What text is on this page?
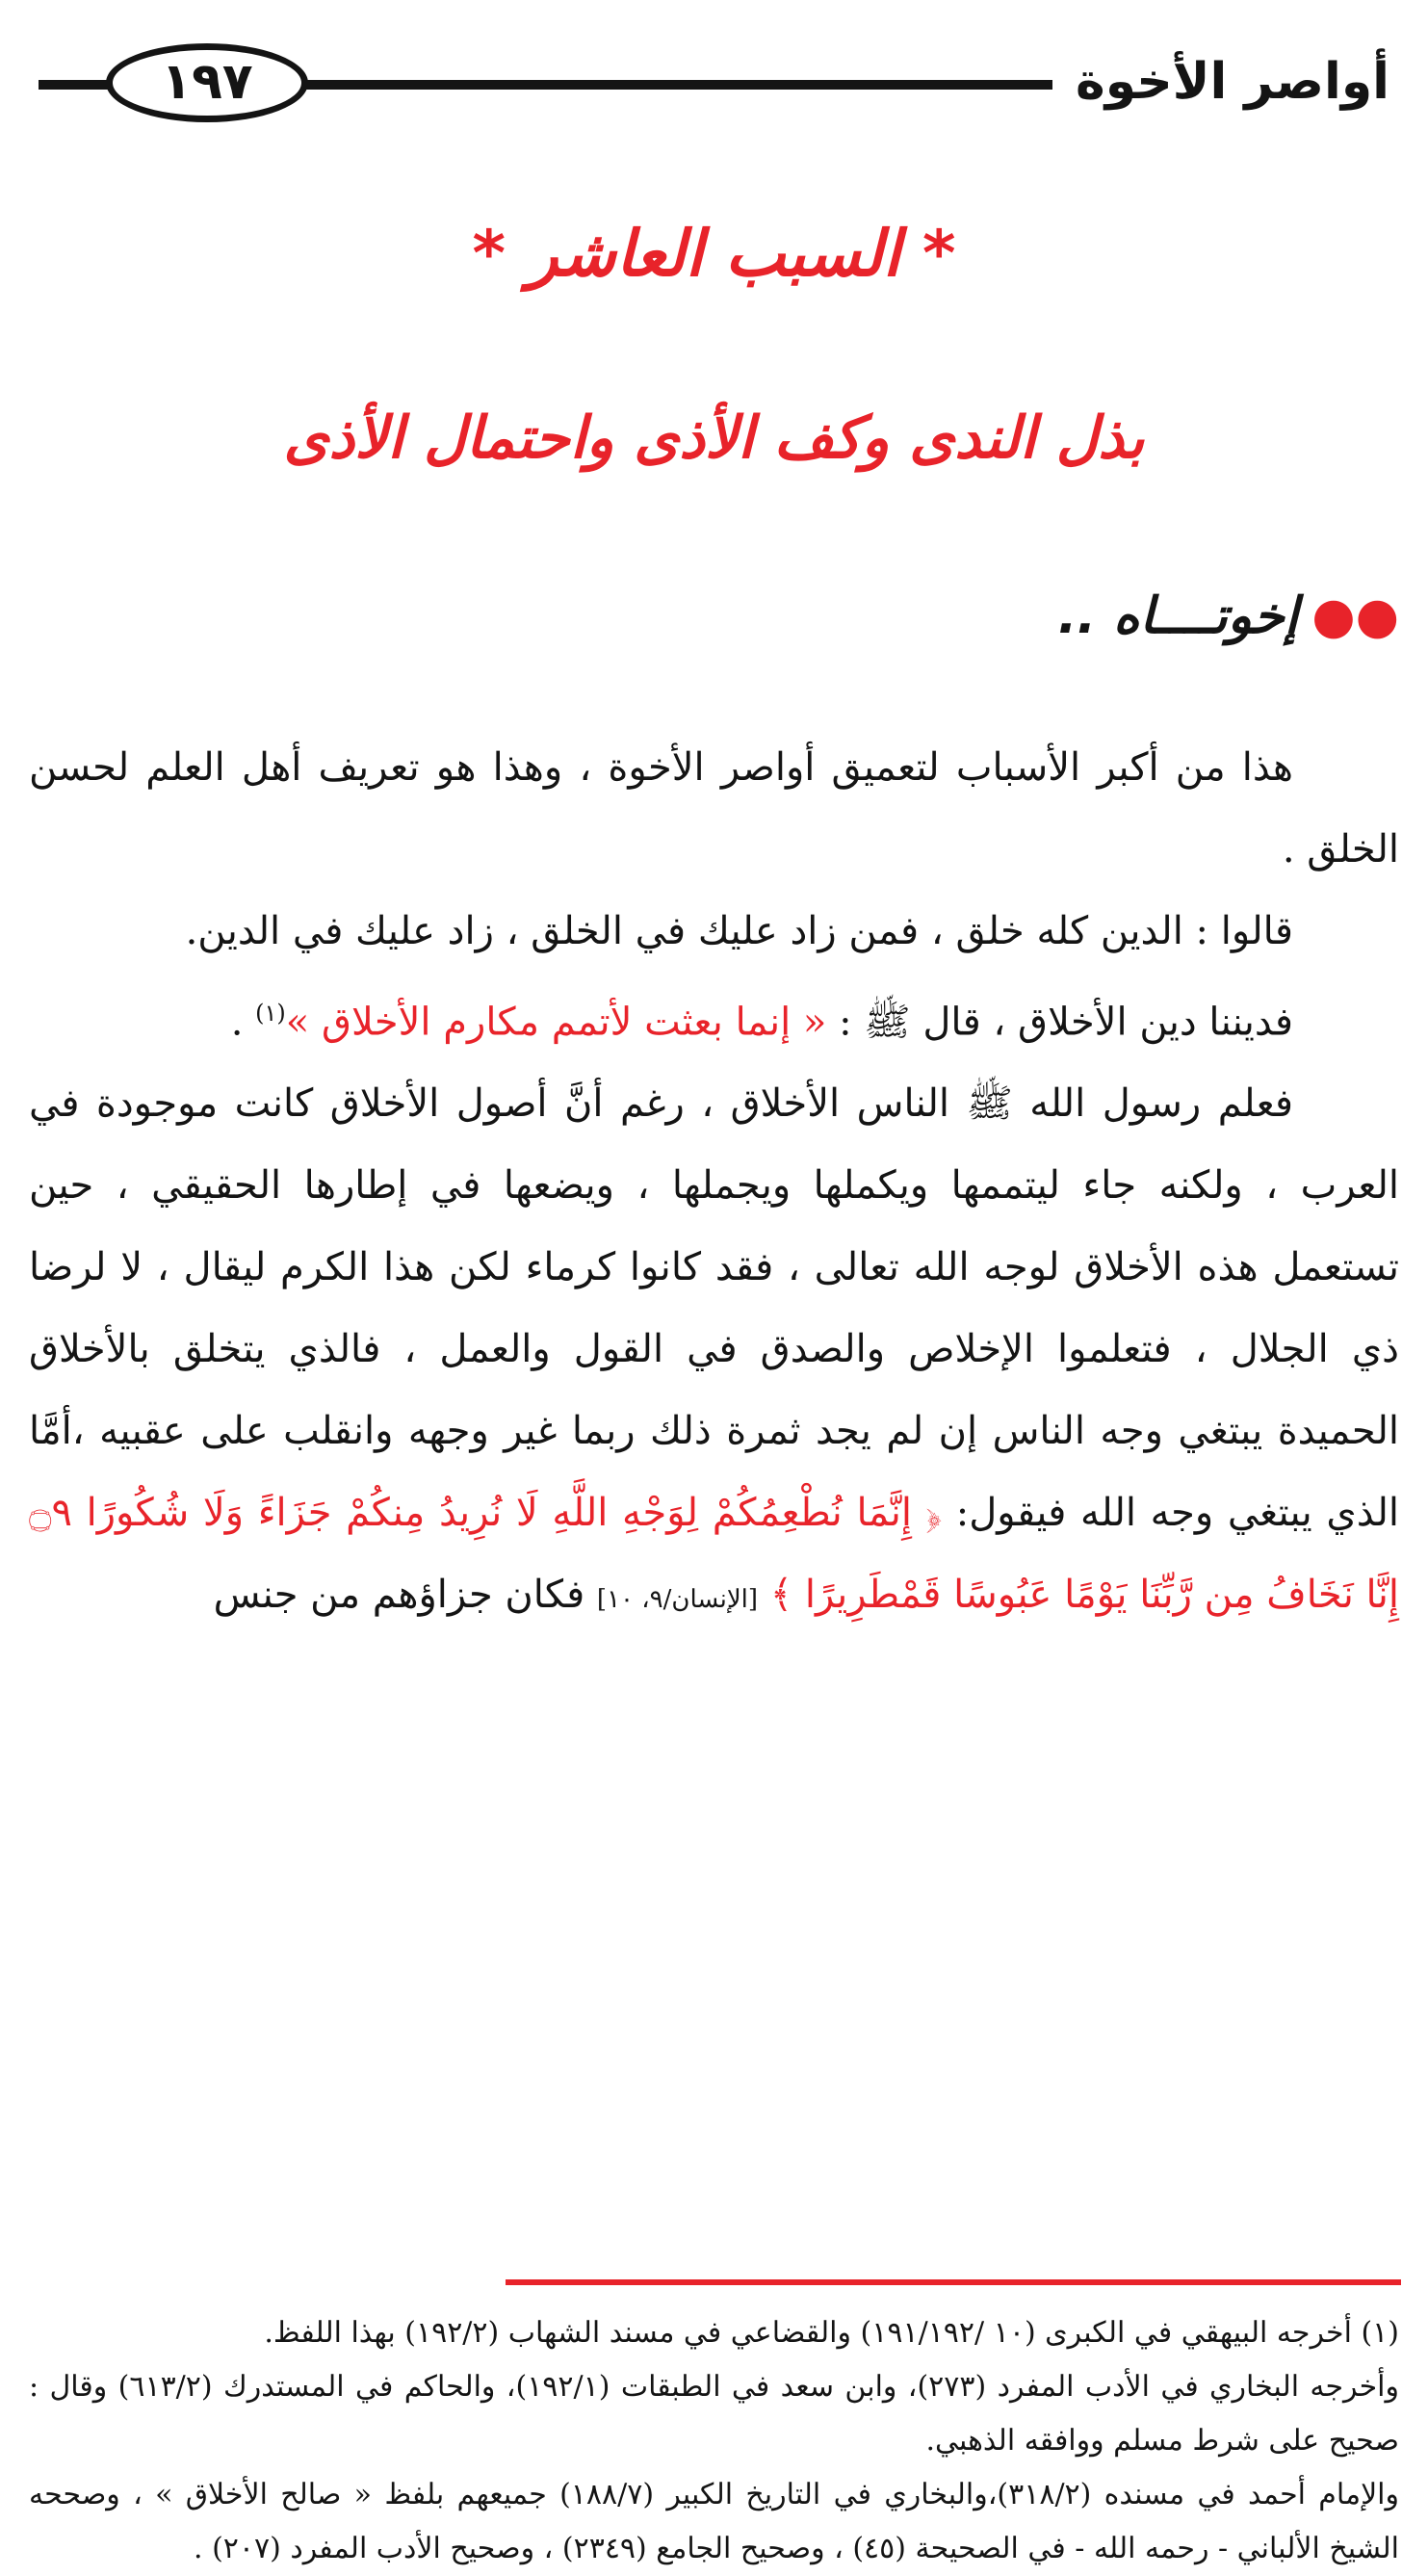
أواصر الأخوة
١٩٧
* السبب العاشر *
بذل الندى وكف الأذى واحتمال الأذى
●●إخوتــــاه ..

هذا من أكبر الأسباب لتعميق أواصر الأخوة ، وهذا هو تعريف أهل العلم لحسن الخلق .

قالوا : الدين كله خلق ، فمن زاد عليك في الخلق ، زاد عليك في الدين.

فديننا دين الأخلاق ، قال ﷺ : « إنما بعثت لأتمم مكارم الأخلاق »$^{(١)}$ .

فعلم رسول الله ﷺ الناس الأخلاق ، رغم أنَّ أصول الأخلاق كانت موجودة في العرب ، ولكنه جاء ليتممها ويكملها ويجملها ، ويضعها في إطارها الحقيقي ، حين تستعمل هذه الأخلاق لوجه الله تعالى ، فقد كانوا كرماء لكن هذا الكرم ليقال ، لا لرضا ذي الجلال ، فتعلموا الإخلاص والصدق في القول والعمل ، فالذي يتخلق بالأخلاق الحميدة يبتغي وجه الناس إن لم يجد ثمرة ذلك ربما غير وجهه وانقلب على عقبيه ،أمَّا الذي يبتغي وجه الله فيقول: ﴿ إِنَّمَا نُطْعِمُكُمْ لِوَجْهِ اللَّهِ لَا نُرِيدُ مِنكُمْ جَزَاءً وَلَا شُكُورًا ۝٩ إِنَّا نَخَافُ مِن رَّبِّنَا يَوْمًا عَبُوسًا قَمْطَرِيرًا ﴾ [الإنسان/٩، ١٠] فكان جزاؤهم من جنس

(١) أخرجه البيهقي في الكبرى (١٠ /١٩١/١٩٢) والقضاعي في مسند الشهاب (١٩٢/٢) بهذا اللفظ.

وأخرجه البخاري في الأدب المفرد (٢٧٣)، وابن سعد في الطبقات (١٩٢/١)، والحاكم في المستدرك (٦١٣/٢) وقال : صحيح على شرط مسلم ووافقه الذهبي.

والإمام أحمد في مسنده (٣١٨/٢)،والبخاري في التاريخ الكبير (١٨٨/٧) جميعهم بلفظ « صالح الأخلاق » ، وصححه الشيخ الألباني - رحمه الله - في الصحيحة (٤٥) ، وصحيح الجامع (٢٣٤٩) ، وصحيح الأدب المفرد (٢٠٧) .
